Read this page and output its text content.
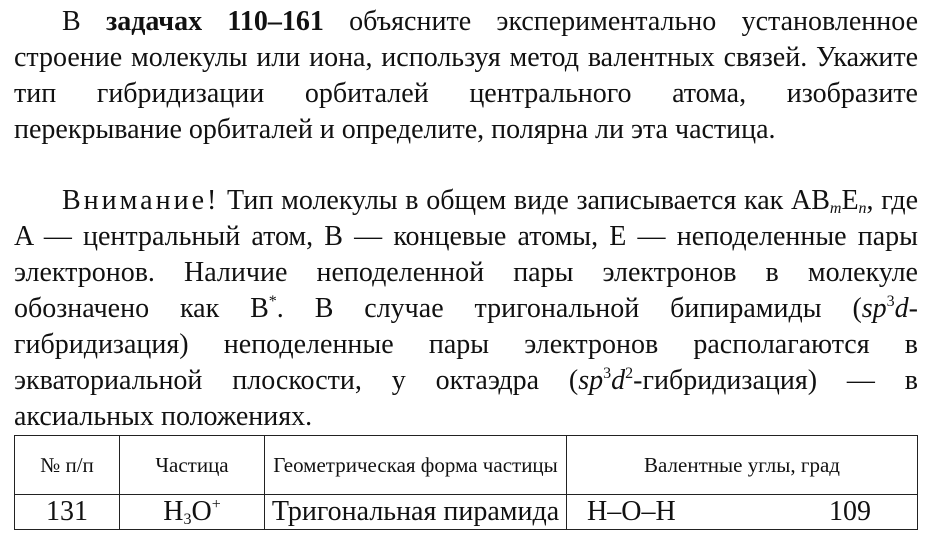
В задачах 110–161 объясните экспериментально установленное строение молекулы или иона, используя метод валентных связей. Укажите тип гибридизации орбиталей центрального атома, изобразите перекрывание орбиталей и определите, полярна ли эта частица.
Внимание! Тип молекулы в общем виде записывается как $AB_mE_n$, где A — центральный атом, B — концевые атомы, E — неподеленные пары электронов. Наличие неподеленной пары электронов в молекуле обозначено как B*. В случае тригональной бипирамиды $(sp^3d-гибридизация)$ неподеленные пары электронов располагаются в экваториальной плоскости, у октаэдра $(sp^3d^2-гибридизация)$ — в аксиальных положениях.
№ п/п	Частица	Геометрическая форма частицы	Валентные углы, град
131	$H_3O^+$	Тригональная пирамида	H–O–H 109
